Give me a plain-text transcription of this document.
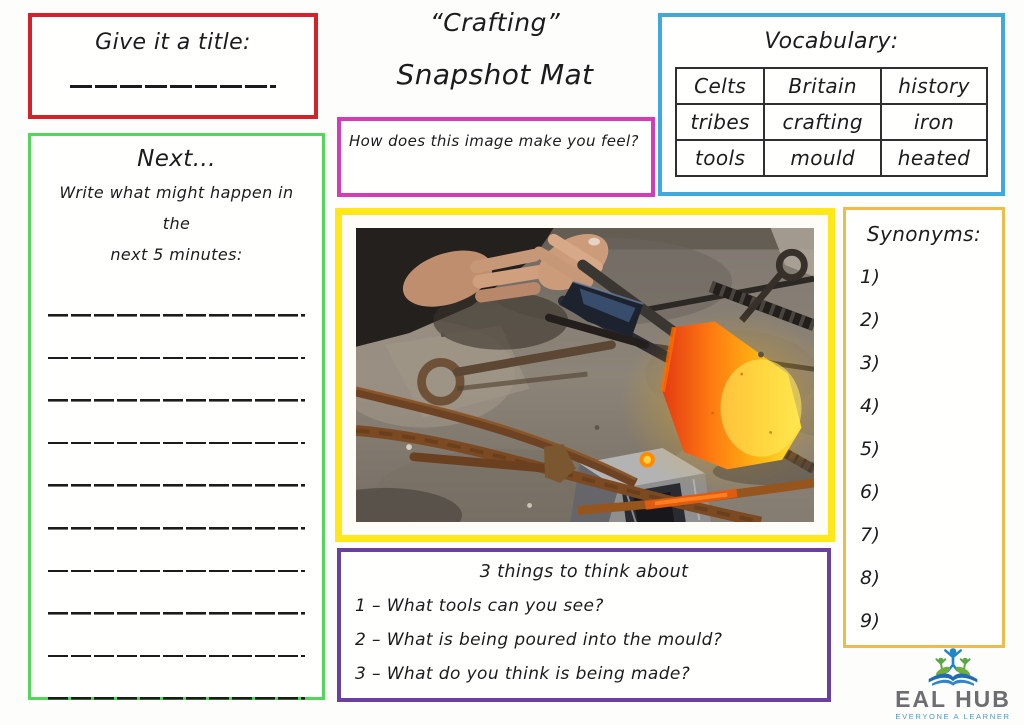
Give it a title:
“Crafting”
Snapshot Mat
How does this image make you feel?
Vocabulary:
Celts	Britain	history
tribes	crafting	iron
tools	mould	heated
Next...
Write what might happen in the
next 5 minutes:
3 things to think about
1 – What tools can you see?
2 – What is being poured into the mould?
3 – What do you think is being made?
Synonyms:
1)
2)
3)
4)
5)
6)
7)
8)
9)
EAL HUB
EVERYONE A LEARNER
